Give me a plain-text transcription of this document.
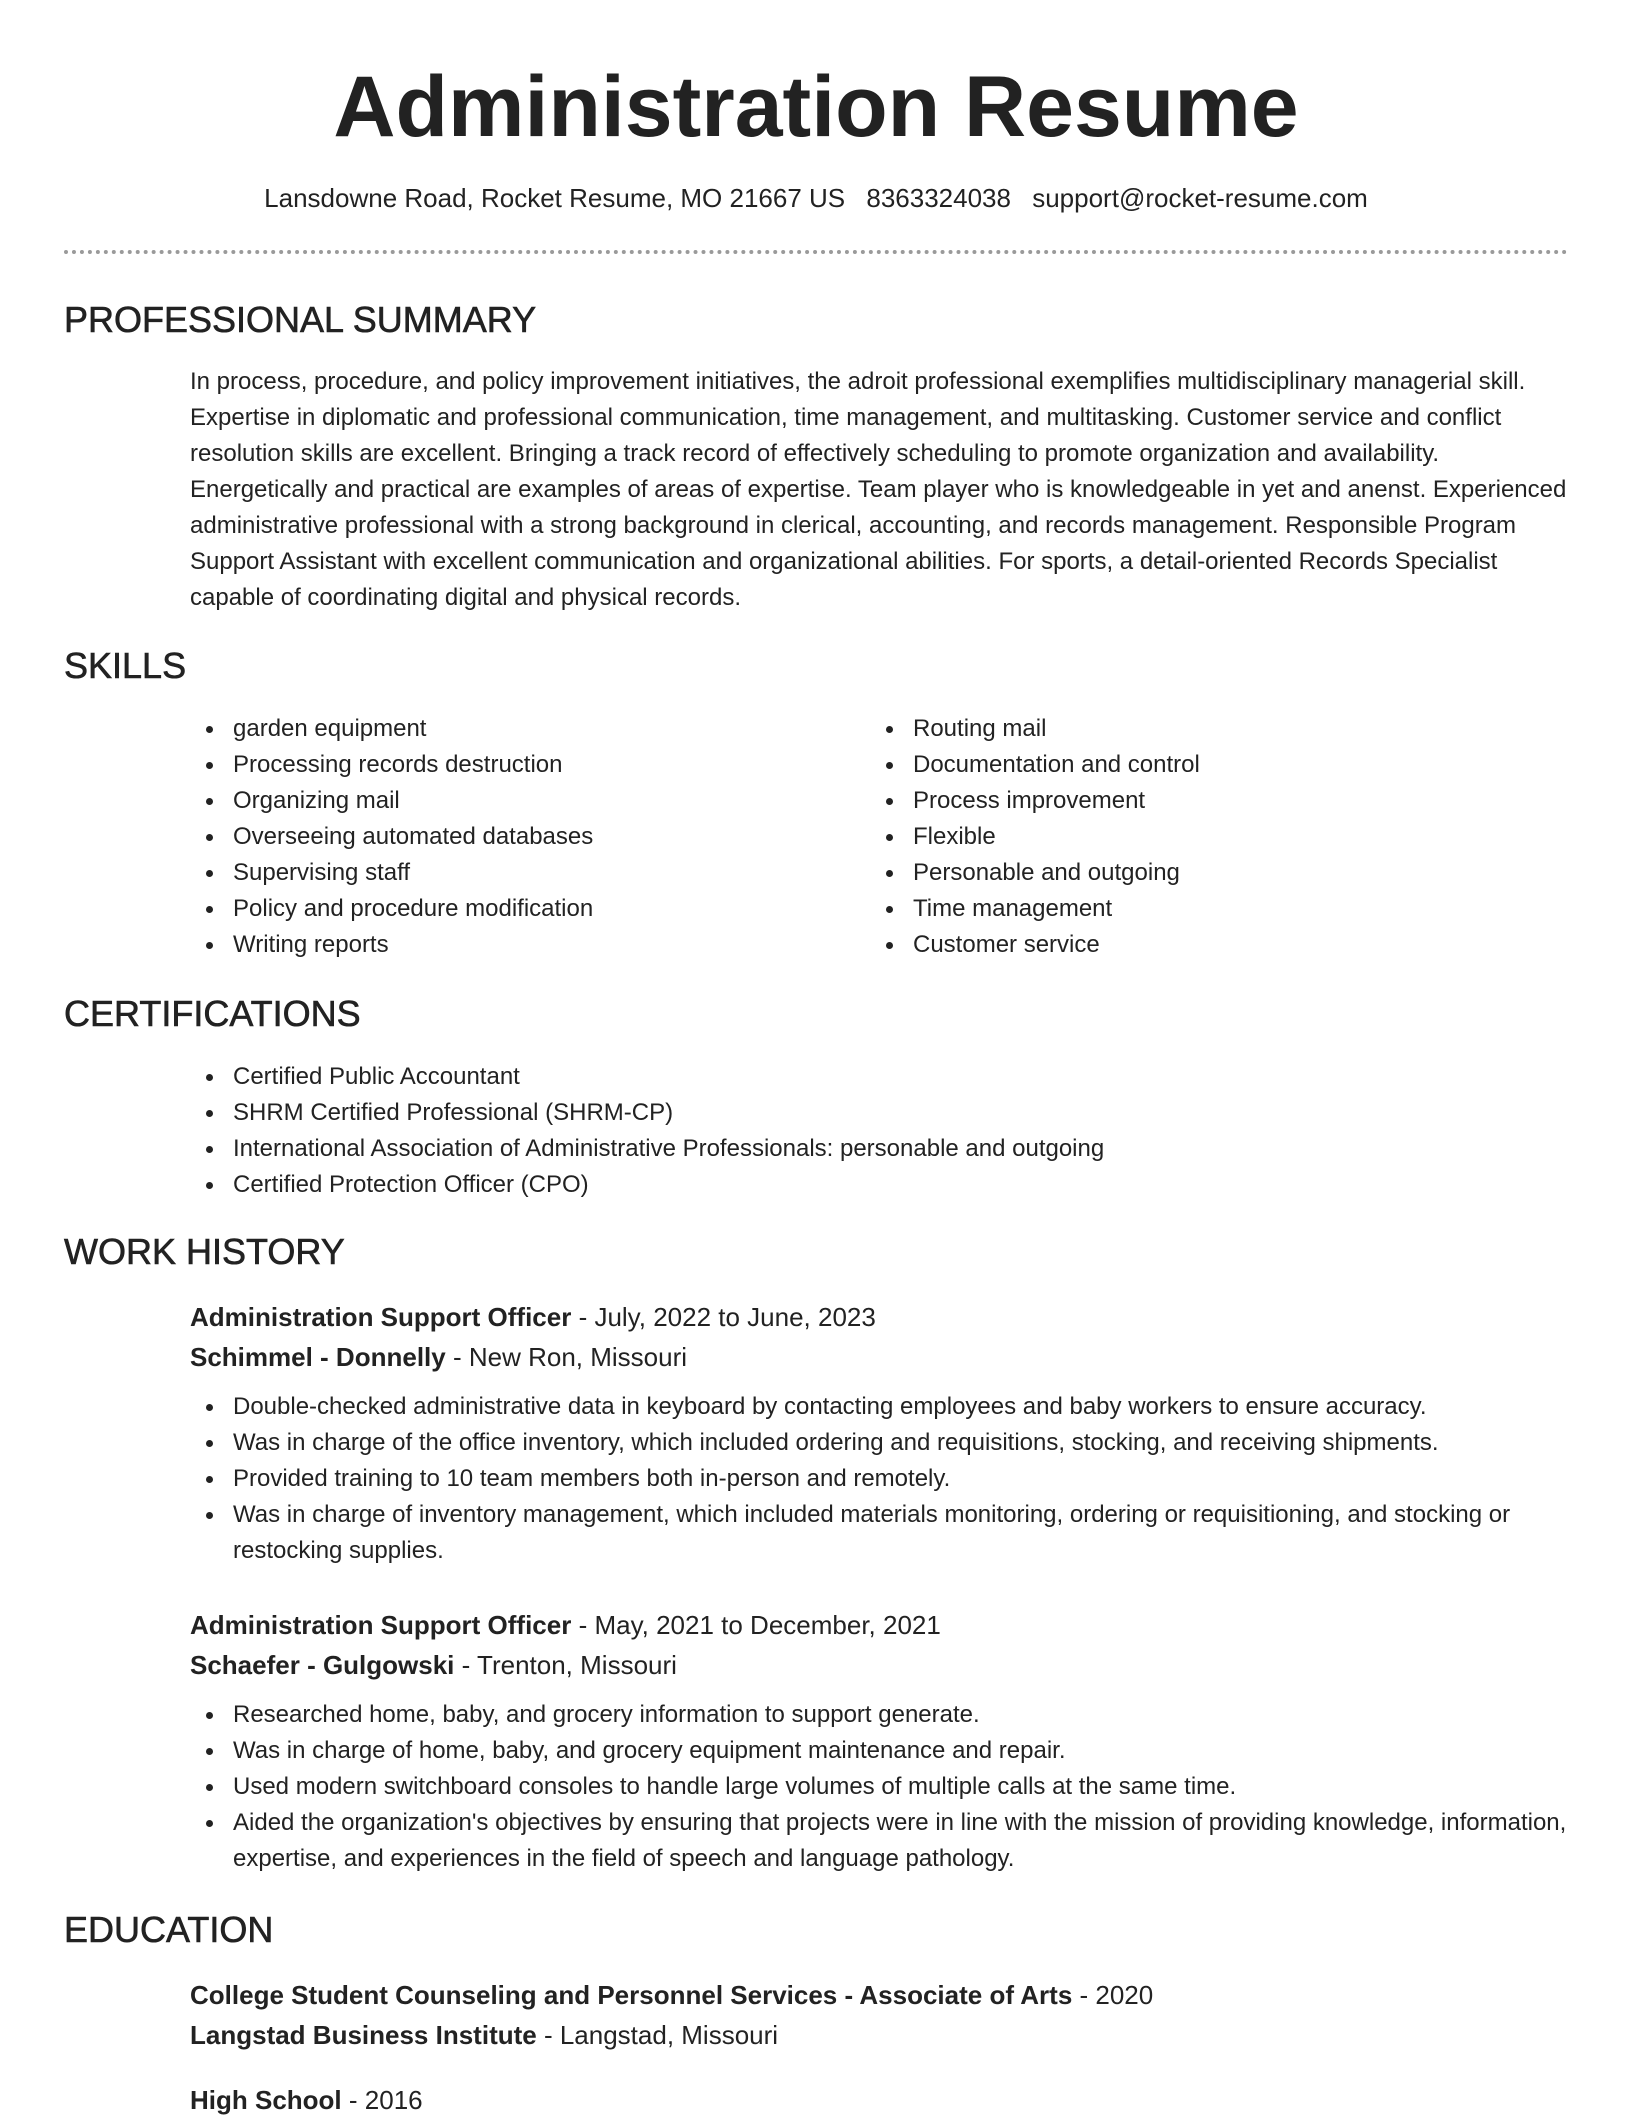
Administration Resume
Lansdowne Road, Rocket Resume, MO 21667 US 8363324038 support@rocket-resume.com
PROFESSIONAL SUMMARY
In process, procedure, and policy improvement initiatives, the adroit professional exemplifies multidisciplinary managerial skill. Expertise in diplomatic and professional communication, time management, and multitasking. Customer service and conflict resolution skills are excellent. Bringing a track record of effectively scheduling to promote organization and availability. Energetically and practical are examples of areas of expertise. Team player who is knowledgeable in yet and anenst. Experienced administrative professional with a strong background in clerical, accounting, and records management. Responsible Program Support Assistant with excellent communication and organizational abilities. For sports, a detail-oriented Records Specialist capable of coordinating digital and physical records.
SKILLS
garden equipment
Processing records destruction
Organizing mail
Overseeing automated databases
Supervising staff
Policy and procedure modification
Writing reports
Routing mail
Documentation and control
Process improvement
Flexible
Personable and outgoing
Time management
Customer service
CERTIFICATIONS
Certified Public Accountant
SHRM Certified Professional (SHRM-CP)
International Association of Administrative Professionals: personable and outgoing
Certified Protection Officer (CPO)
WORK HISTORY
Administration Support Officer - July, 2022 to June, 2023
Schimmel - Donnelly - New Ron, Missouri
Double-checked administrative data in keyboard by contacting employees and baby workers to ensure accuracy.
Was in charge of the office inventory, which included ordering and requisitions, stocking, and receiving shipments.
Provided training to 10 team members both in-person and remotely.
Was in charge of inventory management, which included materials monitoring, ordering or requisitioning, and stocking or restocking supplies.
Administration Support Officer - May, 2021 to December, 2021
Schaefer - Gulgowski - Trenton, Missouri
Researched home, baby, and grocery information to support generate.
Was in charge of home, baby, and grocery equipment maintenance and repair.
Used modern switchboard consoles to handle large volumes of multiple calls at the same time.
Aided the organization's objectives by ensuring that projects were in line with the mission of providing knowledge, information, expertise, and experiences in the field of speech and language pathology.
EDUCATION
College Student Counseling and Personnel Services - Associate of Arts - 2020
Langstad Business Institute - Langstad, Missouri
High School - 2016
